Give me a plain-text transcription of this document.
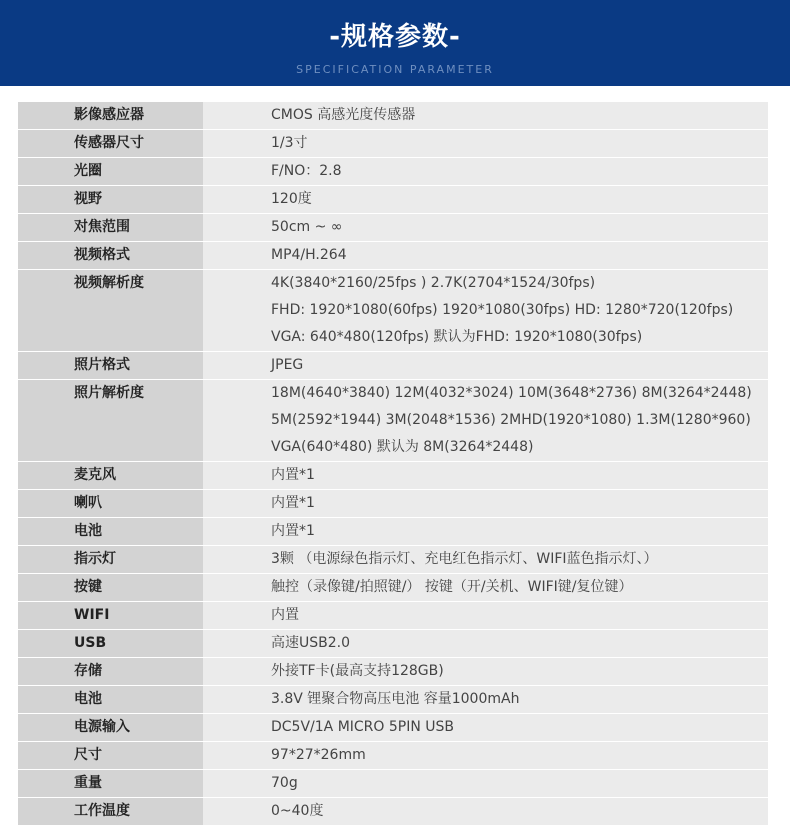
-规格参数-
SPECIFICATION PARAMETER
影像感应器	CMOS 高感光度传感器
传感器尺寸	1/3寸
光圈	F/NO：2.8
视野	120度
对焦范围	50cm ~ ∞
视频格式	MP4/H.264
视频解析度	4K(3840*2160/25fps ) 2.7K(2704*1524/30fps)
FHD: 1920*1080(60fps) 1920*1080(30fps) HD: 1280*720(120fps)
VGA: 640*480(120fps) 默认为FHD: 1920*1080(30fps)
照片格式	JPEG
照片解析度	18M(4640*3840) 12M(4032*3024) 10M(3648*2736) 8M(3264*2448)
5M(2592*1944) 3M(2048*1536) 2MHD(1920*1080) 1.3M(1280*960)
VGA(640*480) 默认为 8M(3264*2448)
麦克风	内置*1
喇叭	内置*1
电池	内置*1
指示灯	3颗 （电源绿色指示灯、充电红色指示灯、WIFI蓝色指示灯、）
按键	触控（录像键/拍照键/） 按键（开/关机、WIFI键/复位键）
WIFI	内置
USB	高速USB2.0
存储	外接TF卡(最高支持128GB)
电池	3.8V 锂聚合物高压电池 容量1000mAh
电源输入	DC5V/1A MICRO 5PIN USB
尺寸	97*27*26mm
重量	70g
工作温度	0~40度
